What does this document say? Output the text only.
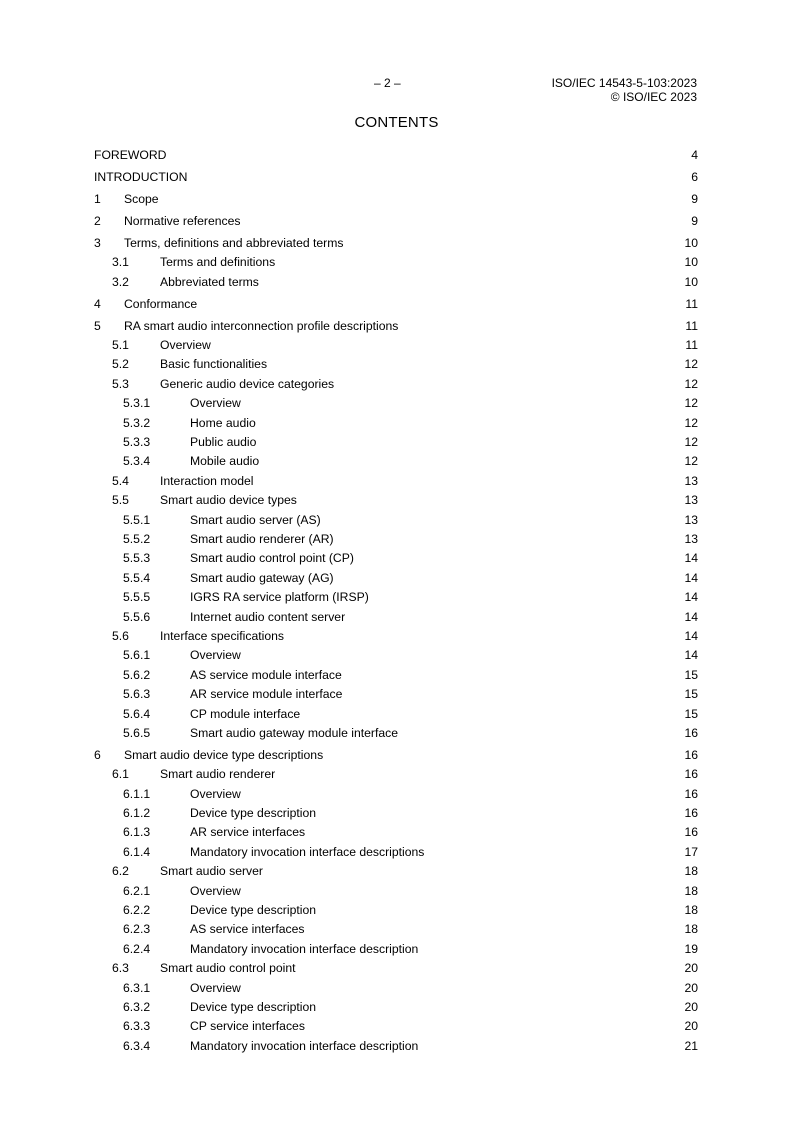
– 2 –	ISO/IEC 14543-5-103:2023
© ISO/IEC 2023
CONTENTS
FOREWORD	4
INTRODUCTION	6
1	Scope	9
2	Normative references	9
3	Terms, definitions and abbreviated terms	10
3.1	Terms and definitions	10
3.2	Abbreviated terms	10
4	Conformance	11
5	RA smart audio interconnection profile descriptions	11
5.1	Overview	11
5.2	Basic functionalities	12
5.3	Generic audio device categories	12
5.3.1	Overview	12
5.3.2	Home audio	12
5.3.3	Public audio	12
5.3.4	Mobile audio	12
5.4	Interaction model	13
5.5	Smart audio device types	13
5.5.1	Smart audio server (AS)	13
5.5.2	Smart audio renderer (AR)	13
5.5.3	Smart audio control point (CP)	14
5.5.4	Smart audio gateway (AG)	14
5.5.5	IGRS RA service platform (IRSP)	14
5.5.6	Internet audio content server	14
5.6	Interface specifications	14
5.6.1	Overview	14
5.6.2	AS service module interface	15
5.6.3	AR service module interface	15
5.6.4	CP module interface	15
5.6.5	Smart audio gateway module interface	16
6	Smart audio device type descriptions	16
6.1	Smart audio renderer	16
6.1.1	Overview	16
6.1.2	Device type description	16
6.1.3	AR service interfaces	16
6.1.4	Mandatory invocation interface descriptions	17
6.2	Smart audio server	18
6.2.1	Overview	18
6.2.2	Device type description	18
6.2.3	AS service interfaces	18
6.2.4	Mandatory invocation interface description	19
6.3	Smart audio control point	20
6.3.1	Overview	20
6.3.2	Device type description	20
6.3.3	CP service interfaces	20
6.3.4	Mandatory invocation interface description	21
